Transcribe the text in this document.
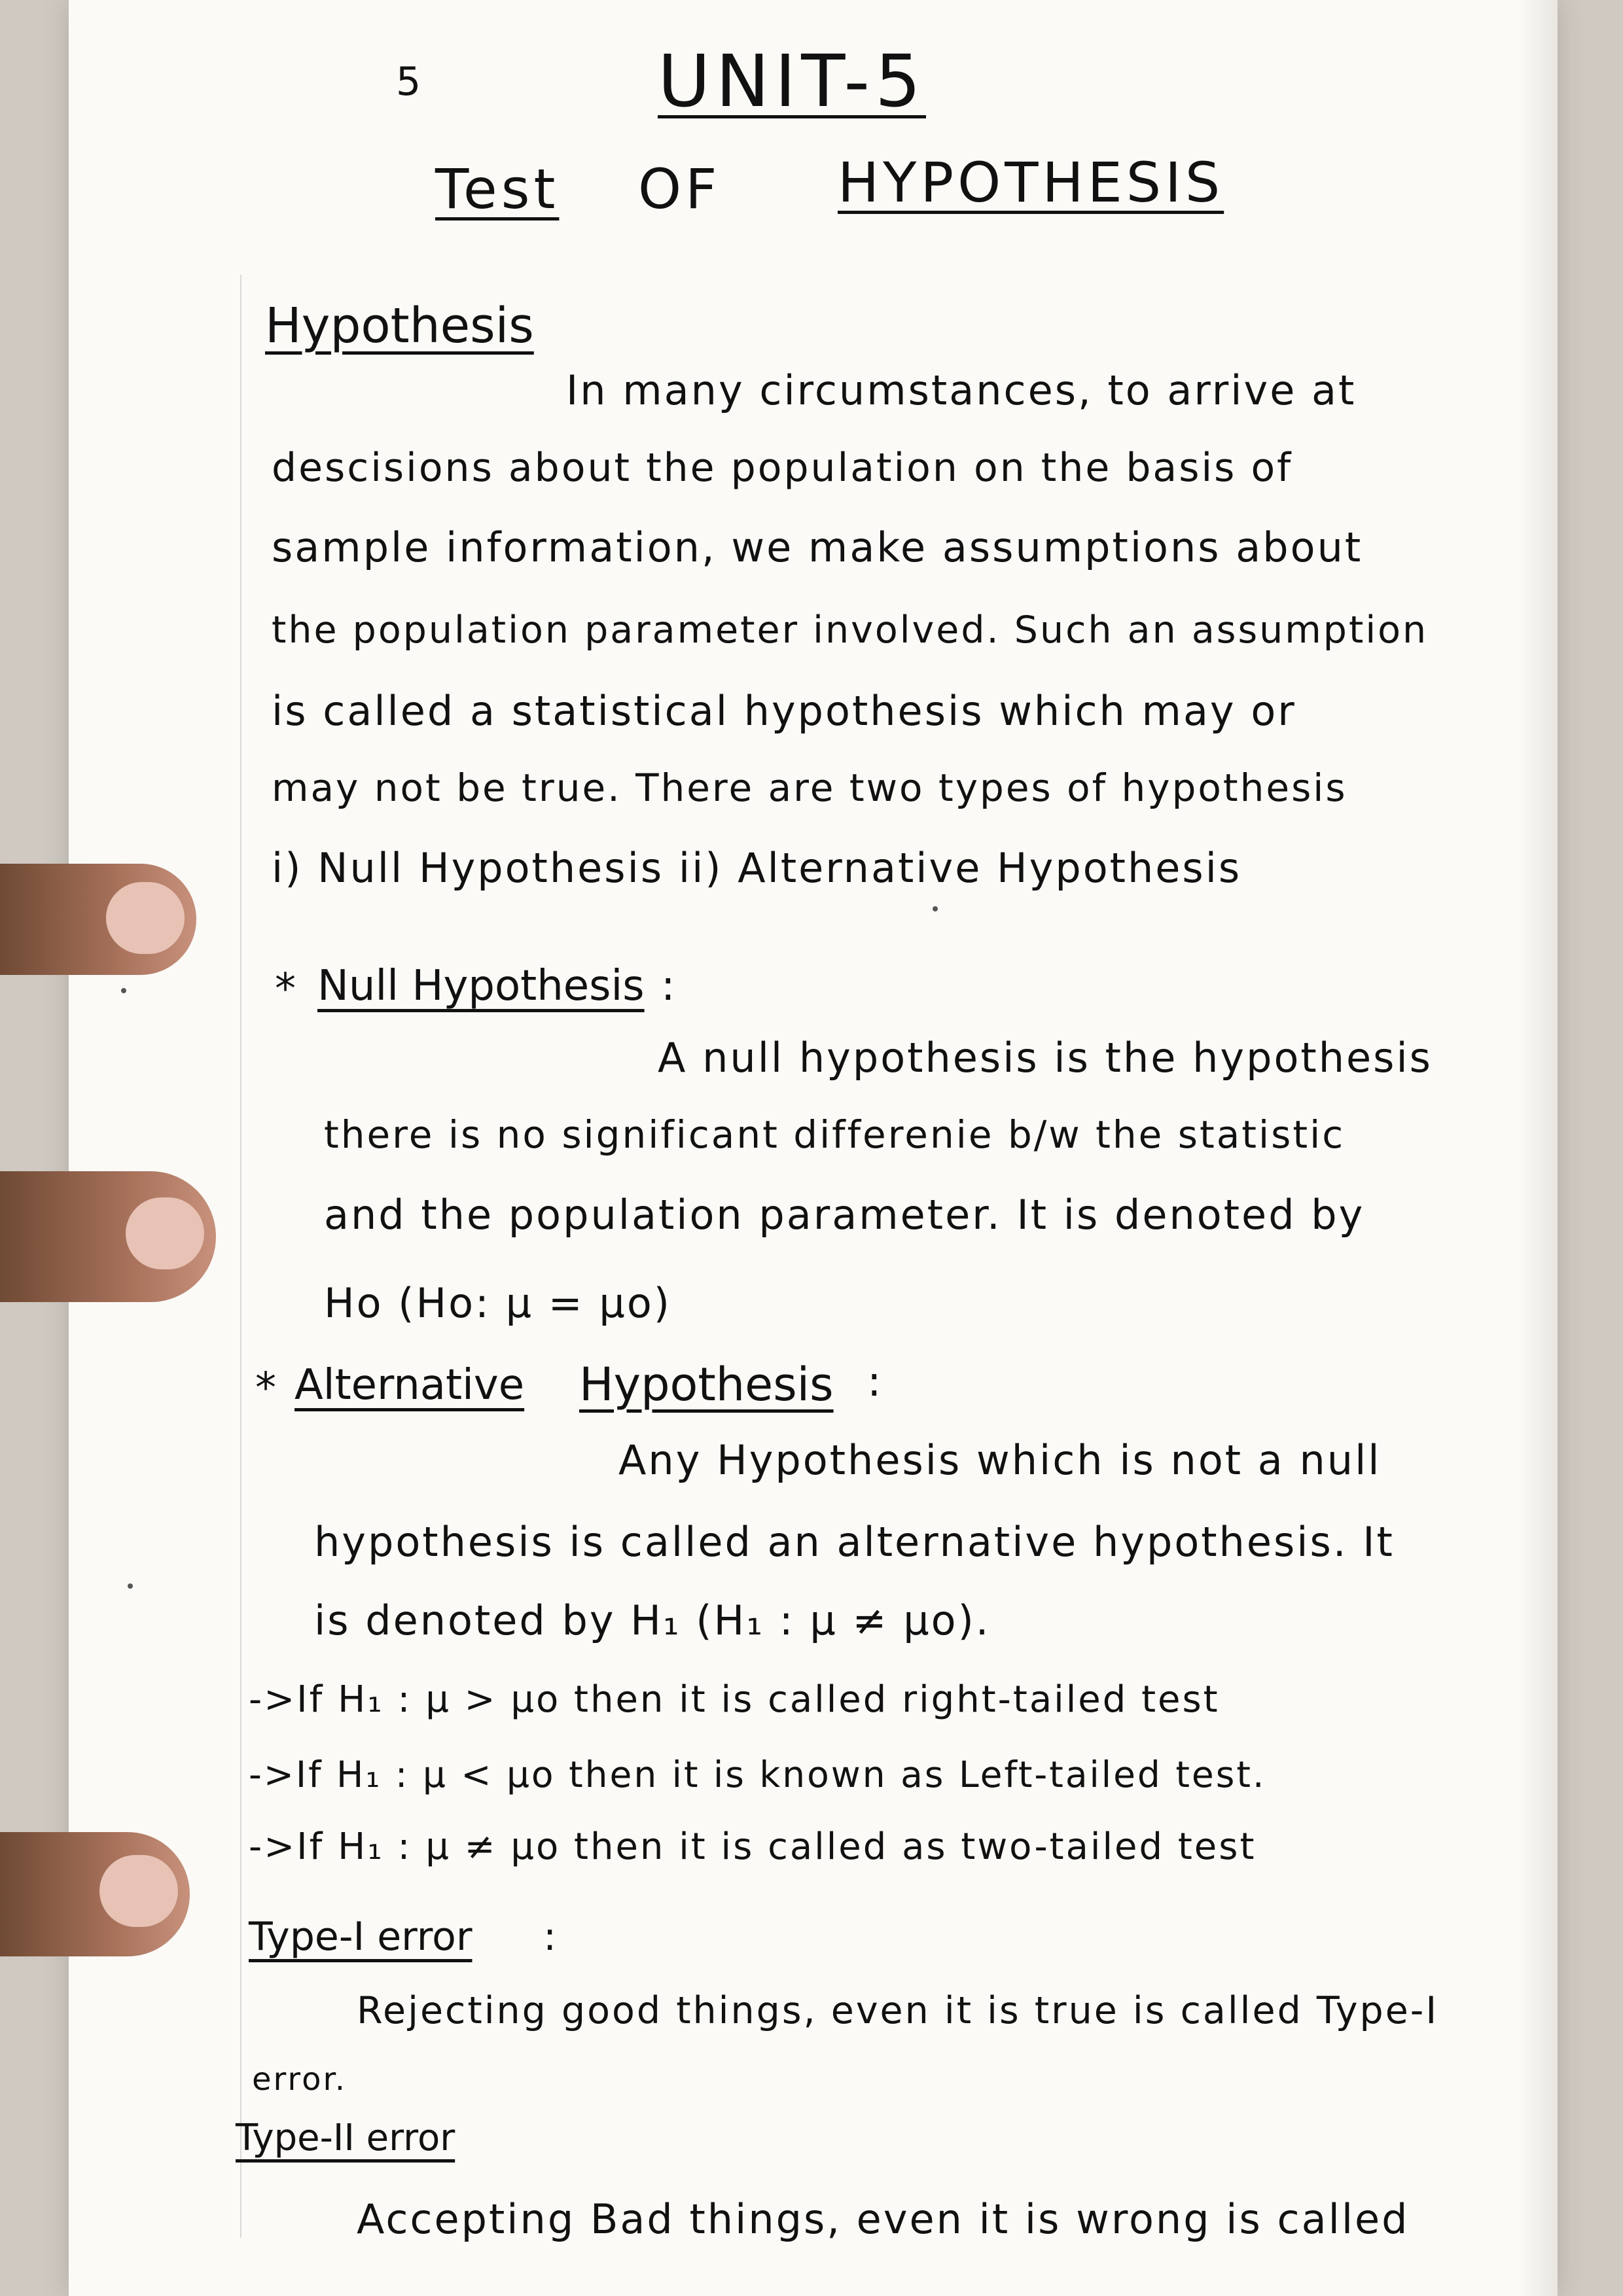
5	UNIT-5
Test OF HYPOTHESIS
Hypothesis
In many circumstances, to arrive at
descisions about the population on the basis of
sample information, we make assumptions about
the population parameter involved. Such an assumption
is called a statistical hypothesis which may or
may not be true. There are two types of hypothesis
i) Null Hypothesis ii) Alternative Hypothesis
* Null Hypothesis :
A null hypothesis is the hypothesis
there is no significant differenie b/w the statistic
and the population parameter. It is denoted by
Ho (Ho: μ = μo)
* Alternative Hypothesis :
Any Hypothesis which is not a null
hypothesis is called an alternative hypothesis. It
is denoted by H₁ (H₁ : μ ≠ μo).
->If H₁ : μ > μo then it is called right-tailed test
->If H₁ : μ < μo then it is known as Left-tailed test.
->If H₁ : μ ≠ μo then it is called as two-tailed test
Type-I error :
Rejecting good things, even it is true is called Type-I
error.
Type-II error
Accepting Bad things, even it is wrong is called
